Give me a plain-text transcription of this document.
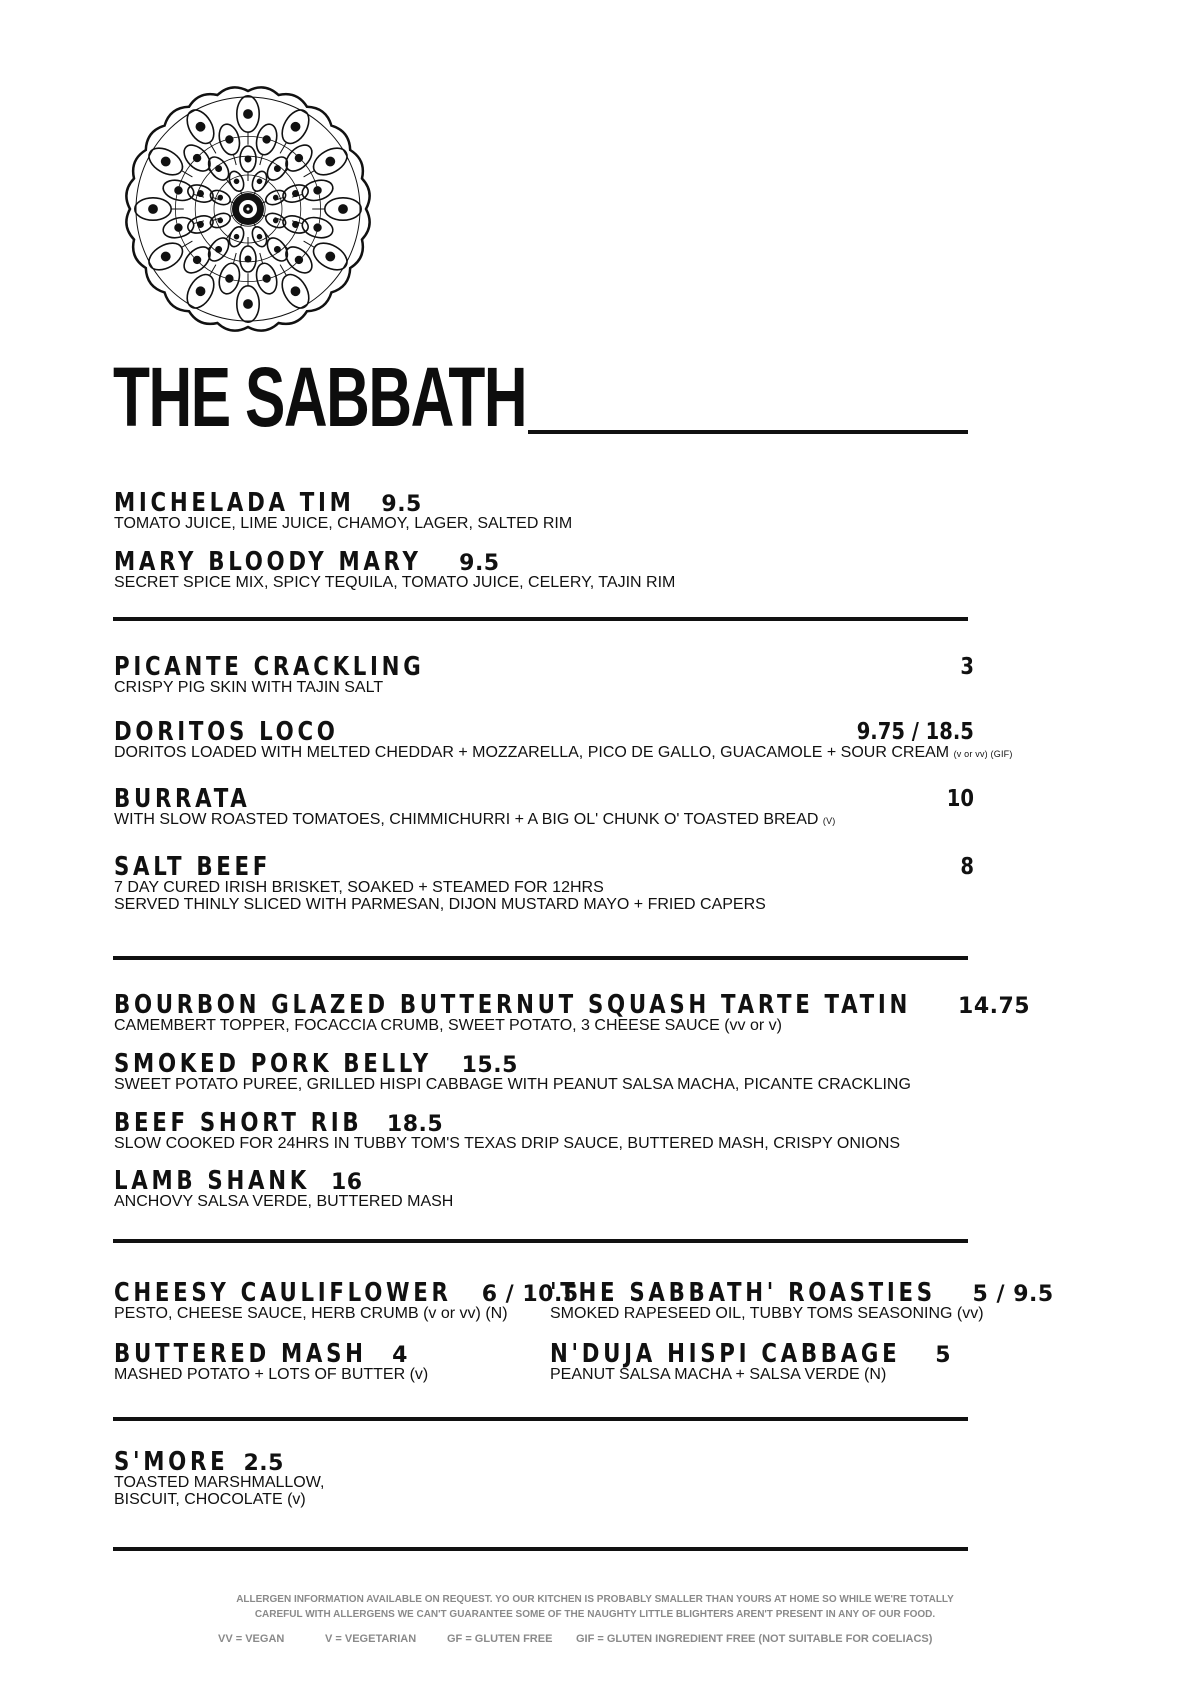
THE SABBATH
MICHELADA TIM 9.5
TOMATO JUICE, LIME JUICE, CHAMOY, LAGER, SALTED RIM
MARY BLOODY MARY 9.5
SECRET SPICE MIX, SPICY TEQUILA, TOMATO JUICE, CELERY, TAJIN RIM
PICANTE CRACKLING	3
CRISPY PIG SKIN WITH TAJIN SALT
DORITOS LOCO	9.75 / 18.5
DORITOS LOADED WITH MELTED CHEDDAR + MOZZARELLA, PICO DE GALLO, GUACAMOLE + SOUR CREAM (v or vv) (GIF)
BURRATA	10
WITH SLOW ROASTED TOMATOES, CHIMMICHURRI + A BIG OL' CHUNK O' TOASTED BREAD (V)
SALT BEEF	8
7 DAY CURED IRISH BRISKET, SOAKED + STEAMED FOR 12HRS
SERVED THINLY SLICED WITH PARMESAN, DIJON MUSTARD MAYO + FRIED CAPERS
BOURBON GLAZED BUTTERNUT SQUASH TARTE TATIN 14.75
CAMEMBERT TOPPER, FOCACCIA CRUMB, SWEET POTATO, 3 CHEESE SAUCE (vv or v)
SMOKED PORK BELLY 15.5
SWEET POTATO PUREE, GRILLED HISPI CABBAGE WITH PEANUT SALSA MACHA, PICANTE CRACKLING
BEEF SHORT RIB 18.5
SLOW COOKED FOR 24HRS IN TUBBY TOM'S TEXAS DRIP SAUCE, BUTTERED MASH, CRISPY ONIONS
LAMB SHANK 16
ANCHOVY SALSA VERDE, BUTTERED MASH
CHEESY CAULIFLOWER 6 / 10.5
PESTO, CHEESE SAUCE, HERB CRUMB (v or vv) (N)
BUTTERED MASH 4
MASHED POTATO + LOTS OF BUTTER (v)
'THE SABBATH' ROASTIES 5 / 9.5
SMOKED RAPESEED OIL, TUBBY TOMS SEASONING (vv)
N'DUJA HISPI CABBAGE 5
PEANUT SALSA MACHA + SALSA VERDE (N)
S'MORE 2.5
TOASTED MARSHMALLOW,
BISCUIT, CHOCOLATE (v)
ALLERGEN INFORMATION AVAILABLE ON REQUEST. YO OUR KITCHEN IS PROBABLY SMALLER THAN YOURS AT HOME SO WHILE WE'RE TOTALLY
CAREFUL WITH ALLERGENS WE CAN'T GUARANTEE SOME OF THE NAUGHTY LITTLE BLIGHTERS AREN'T PRESENT IN ANY OF OUR FOOD.
VV = VEGAN	V = VEGETARIAN	GF = GLUTEN FREE GIF = GLUTEN INGREDIENT FREE (NOT SUITABLE FOR COELIACS)
